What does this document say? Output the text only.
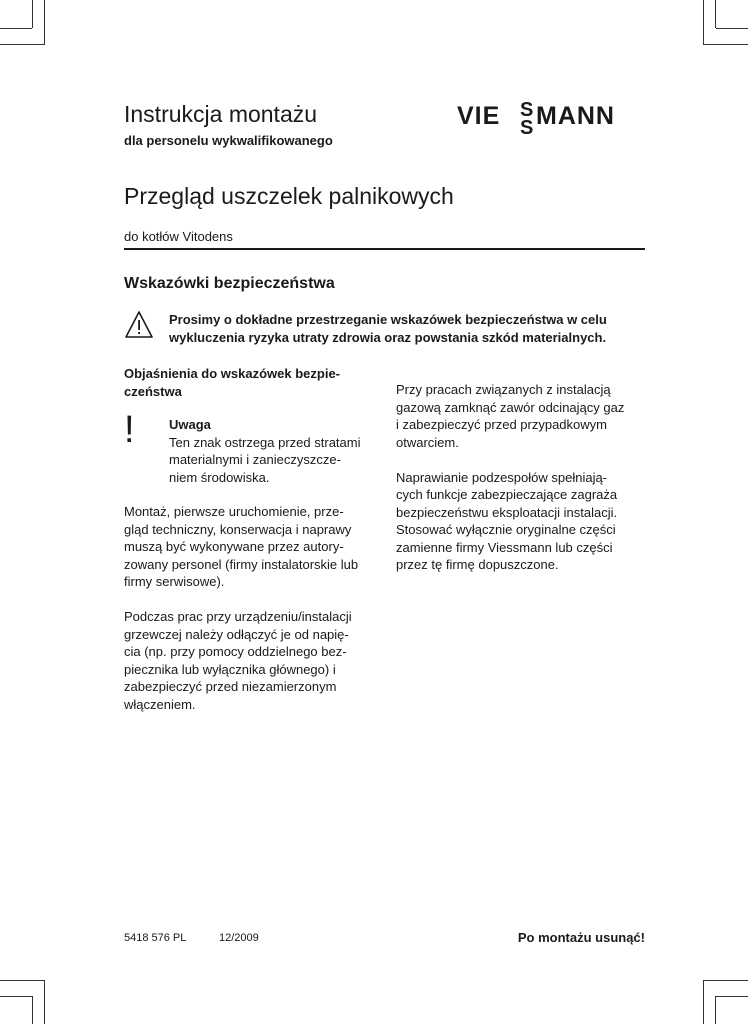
Instrukcja montażu
dla personelu wykwalifikowanego
VIE S
S MANN
Przegląd uszczelek palnikowych
do kotłów Vitodens
Wskazówki bezpieczeństwa
Prosimy o dokładne przestrzeganie wskazówek bezpieczeństwa w celu
wykluczenia ryzyka utraty zdrowia oraz powstania szkód materialnych.
Objaśnienia do wskazówek bezpie-
czeństwa

Montaż, pierwsze uruchomienie, prze-
gląd techniczny, konserwacja i naprawy
muszą być wykonywane przez autory-
zowany personel (firmy instalatorskie lub
firmy serwisowe).

Podczas prac przy urządzeniu/instalacji
grzewczej należy odłączyć je od napię-
cia (np. przy pomocy oddzielnego bez-
piecznika lub wyłącznika głównego) i
zabezpieczyć przed niezamierzonym
włączeniem.

!	Uwaga
Ten znak ostrzega przed stratami
materialnymi i zanieczyszcze-
niem środowiska.

Przy pracach związanych z instalacją
gazową zamknąć zawór odcinający gaz
i zabezpieczyć przed przypadkowym
otwarciem.

Naprawianie podzespołów spełniają-
cych funkcje zabezpieczające zagraża
bezpieczeństwu eksploatacji instalacji.
Stosować wyłącznie oryginalne części
zamienne firmy Viessmann lub części
przez tę firmę dopuszczone.

5418 576 PL	12/2009	Po montażu usunąć!
